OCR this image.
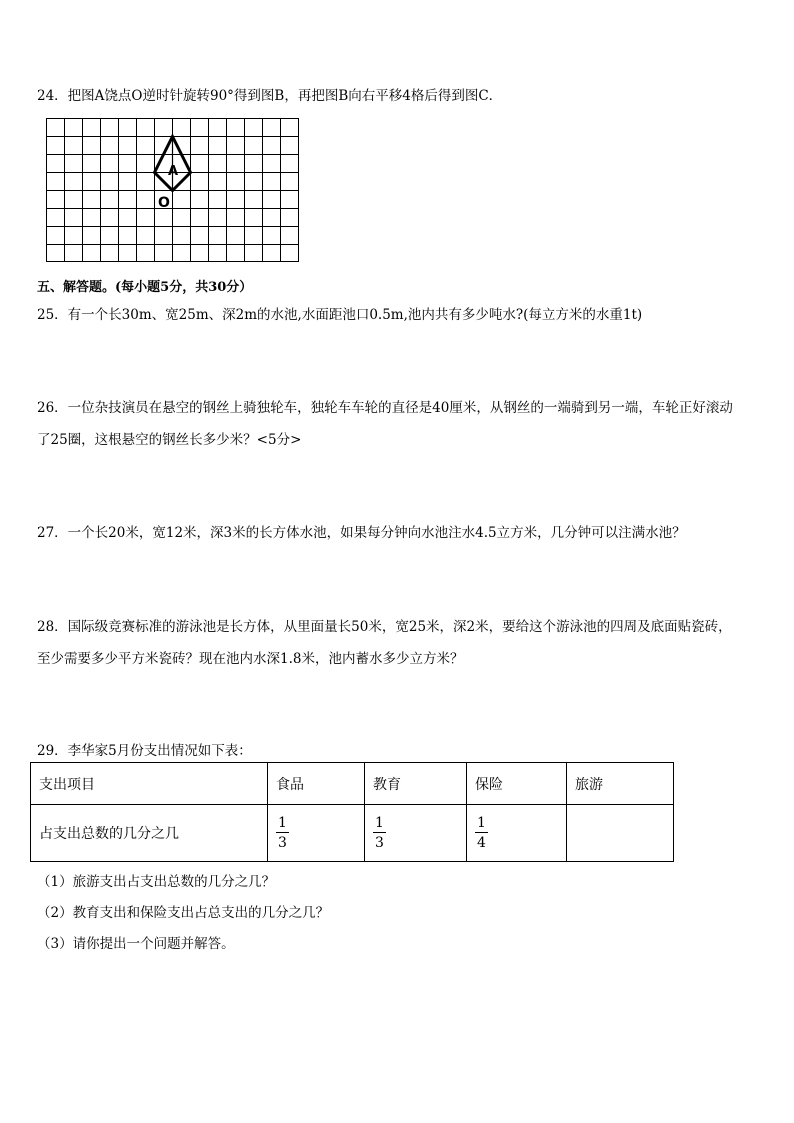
24．把图A饶点O逆时针旋转90°得到图B，再把图B向右平移4格后得到图C．
A
O
五、解答题。(每小题5分，共30分）
25．有一个长30m、宽25m、深2m的水池,水面距池口0.5m,池内共有多少吨水?(每立方米的水重1t)
26．一位杂技演员在悬空的钢丝上骑独轮车，独轮车车轮的直径是40厘米，从钢丝的一端骑到另一端，车轮正好滚动
了25圈，这根悬空的钢丝长多少米？<5分>
27．一个长20米，宽12米，深3米的长方体水池，如果每分钟向水池注水4.5立方米，几分钟可以注满水池？
28．国际级竞赛标准的游泳池是长方体，从里面量长50米，宽25米，深2米，要给这个游泳池的四周及底面贴瓷砖，
至少需要多少平方米瓷砖？现在池内水深1.8米，池内蓄水多少立方米？
29．李华家5月份支出情况如下表：
支出项目	食品	教育	保险	旅游
占支出总数的几分之几	$\frac{1}{3}$	$\frac{1}{3}$	$\frac{1}{4}$

（1）旅游支出占支出总数的几分之几？
（2）教育支出和保险支出占总支出的几分之几？
（3）请你提出一个问题并解答。
